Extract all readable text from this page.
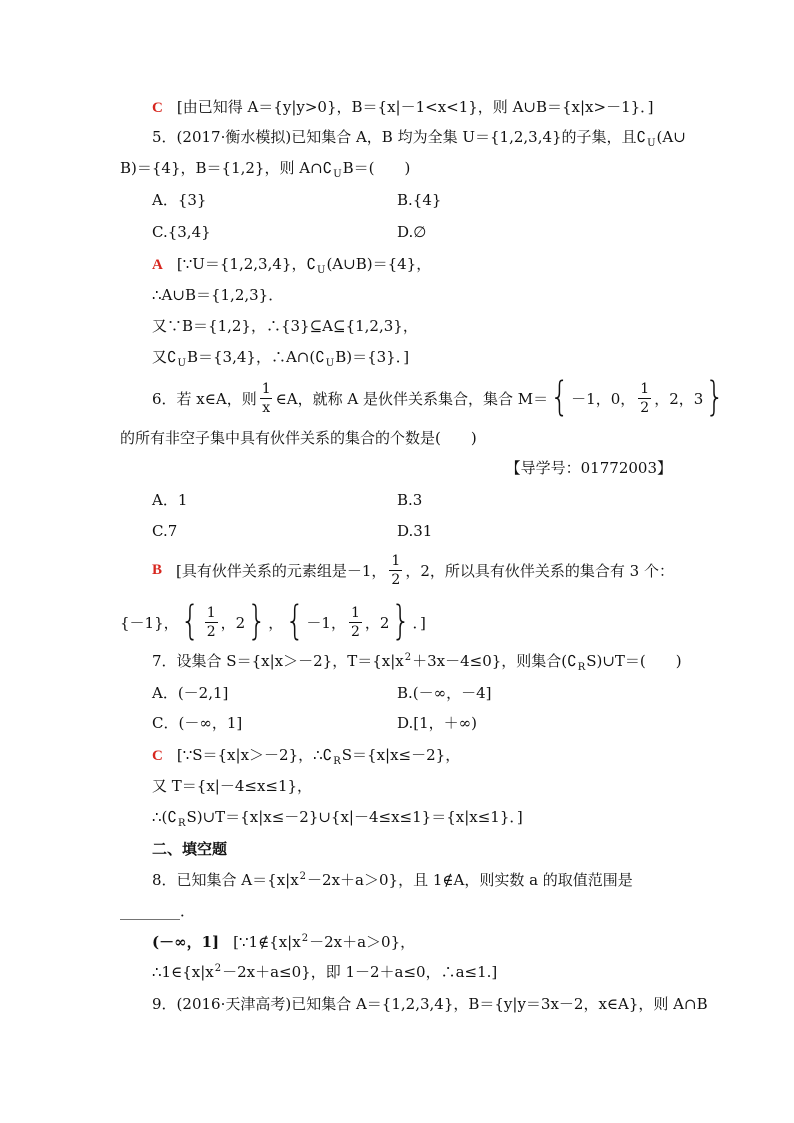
C [由已知得 A＝{y|y>0}，B＝{x|－1<x<1}，则 A∪B＝{x|x>－1}．]
5．(2017·衡水模拟)已知集合 A，B 均为全集 U＝{1,2,3,4}的子集，且$∁_U(A\cup$
B)＝{4}，B＝{1,2}，则 $A\cap∁_UB=$(　　)
A．{3}	B.{4}
C.{3,4}	D.∅
A [∵U＝{1,2,3,4}，$∁_U(A\cup B)=\{4\}$，
∴A∪B＝{1,2,3}．
又∵B＝{1,2}，∴{3}⊆A⊆{1,2,3}，
又$∁_UB=\{3,4\}$，$\therefore A\cap(∁_UB)=\{3\}$．]
6．若 x∈A，则 $\frac{1}{x}$ ∈A，就称 A 是伙伴关系集合，集合 M＝ { －1，0， $\frac{1}{2}$ ，2，3 }
的所有非空子集中具有伙伴关系的集合的个数是(　　)
【导学号：01772003】
A．1	B.3
C.7	D.31
B [具有伙伴关系的元素组是－1， $\frac{1}{2}$ ，2，所以具有伙伴关系的集合有 3 个：
{－1}， { $\frac{1}{2}$ ，2 } ， { －1， $\frac{1}{2}$ ，2 } ．]
7．设集合 S＝{x|x＞－2}，$T=\{x|x^2+3x-4\le 0\}$，则集合$(∁_RS)\cup T=$(　　)
A．(－2,1]	B.(－∞，－4]
C．(－∞，1]	D.[1，＋∞)
C [∵S＝{x|x＞－2}，$\therefore∁_RS=\{x|x\le-2\}$，
又 T＝{x|－4≤x≤1}，
$\therefore(∁_RS)\cup T=\{x|x\le-2\}\cup\{x|-4\le x\le 1\}=\{x|x\le 1\}$．]
二、填空题
8．已知集合 $A=\{x|x^2-2x+a>0\}$，且 1∉A，则实数 a 的取值范围是
________．
(－∞，1] [$\because 1\notin\{x|x^2-2x+a>0\}$，
$\therefore 1\in\{x|x^2-2x+a\le 0\}$，即 1－2＋a≤0，∴a≤1.]
9．(2016·天津高考)已知集合 A＝{1,2,3,4}，B＝{y|y＝3x－2，x∈A}，则 A∩B
